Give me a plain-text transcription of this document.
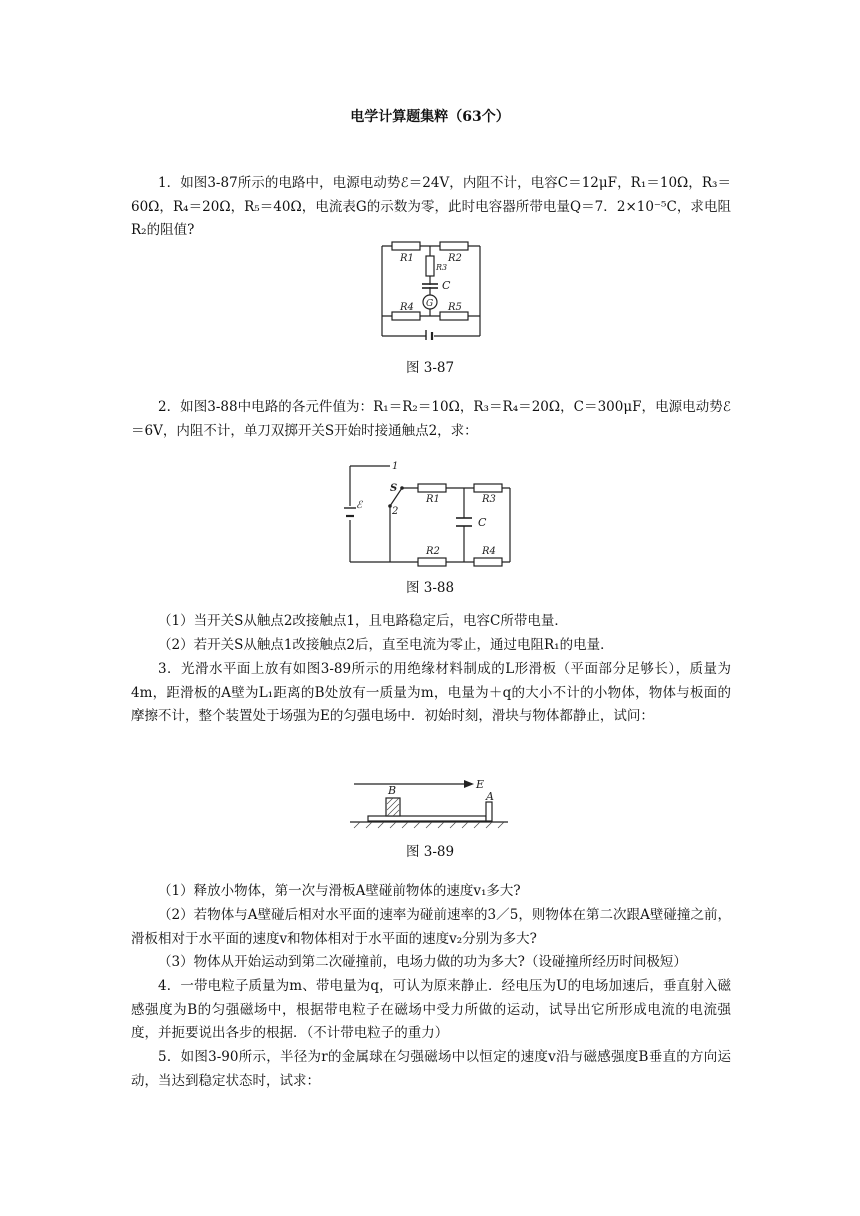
电学计算题集粹（63个）
1．如图3-87所示的电路中，电源电动势ℰ＝24V，内阻不计，电容C＝12μF，R₁＝10Ω，R₃＝60Ω，R₄＝20Ω，R₅＝40Ω，电流表G的示数为零，此时电容器所带电量Q＝7．2×10⁻⁵C，求电阻R₂的阻值?
R1	R2
R3
C
G
R4	R5
图 3-87
2．如图3-88中电路的各元件值为：R₁＝R₂＝10Ω，R₃＝R₄＝20Ω，C＝300μF，电源电动势ℰ＝6V，内阻不计，单刀双掷开关S开始时接通触点2，求：
1
S
2
ℰ
R1	R3
C
R2	R4
图 3-88
（1）当开关S从触点2改接触点1，且电路稳定后，电容C所带电量．
（2）若开关S从触点1改接触点2后，直至电流为零止，通过电阻R₁的电量．
3．光滑水平面上放有如图3-89所示的用绝缘材料制成的L形滑板（平面部分足够长），质量为4m，距滑板的A壁为L₁距离的B处放有一质量为m，电量为＋q的大小不计的小物体，物体与板面的摩擦不计，整个装置处于场强为E的匀强电场中．初始时刻，滑块与物体都静止，试问：
B	A
E
图 3-89
（1）释放小物体，第一次与滑板A壁碰前物体的速度v₁多大?
（2）若物体与A壁碰后相对水平面的速率为碰前速率的3／5，则物体在第二次跟A壁碰撞之前，滑板相对于水平面的速度v和物体相对于水平面的速度v₂分别为多大?
（3）物体从开始运动到第二次碰撞前，电场力做的功为多大?（设碰撞所经历时间极短）
4．一带电粒子质量为m、带电量为q，可认为原来静止．经电压为U的电场加速后，垂直射入磁感强度为B的匀强磁场中，根据带电粒子在磁场中受力所做的运动，试导出它所形成电流的电流强度，并扼要说出各步的根据．（不计带电粒子的重力）
5．如图3-90所示，半径为r的金属球在匀强磁场中以恒定的速度v沿与磁感强度B垂直的方向运动，当达到稳定状态时，试求：
